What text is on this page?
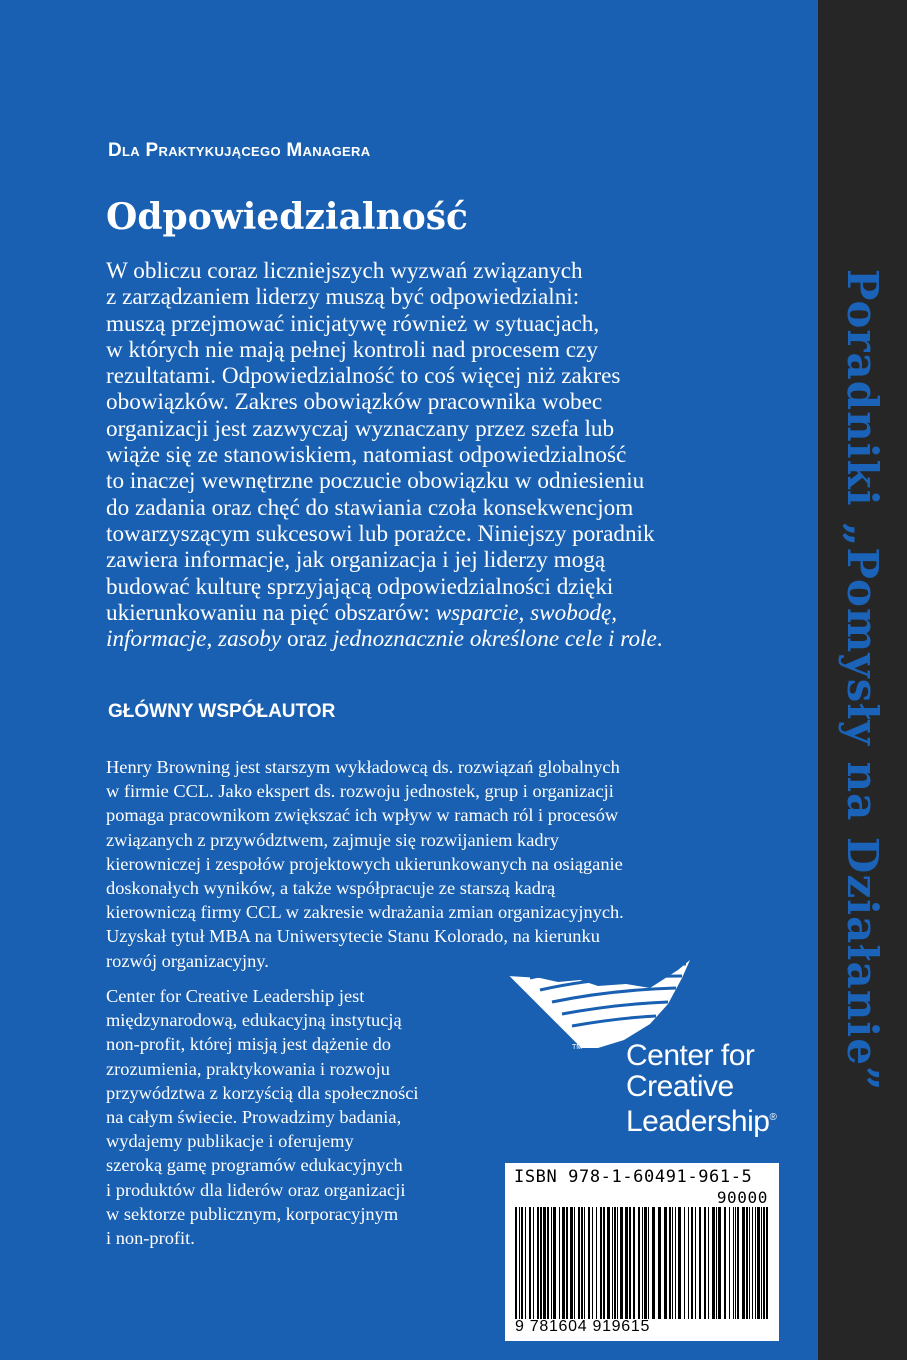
Dla Praktykującego Managera
Odpowiedzialność

W obliczu coraz liczniejszych wyzwań związanych
z zarządzaniem liderzy muszą być odpowiedzialni:
muszą przejmować inicjatywę również w sytuacjach,
w których nie mają pełnej kontroli nad procesem czy
rezultatami. Odpowiedzialność to coś więcej niż zakres
obowiązków. Zakres obowiązków pracownika wobec
organizacji jest zazwyczaj wyznaczany przez szefa lub
wiąże się ze stanowiskiem, natomiast odpowiedzialność
to inaczej wewnętrzne poczucie obowiązku w odniesieniu
do zadania oraz chęć do stawiania czoła konsekwencjom
towarzyszącym sukcesowi lub porażce. Niniejszy poradnik
zawiera informacje, jak organizacja i jej liderzy mogą
budować kulturę sprzyjającą odpowiedzialności dzięki
ukierunkowaniu na pięć obszarów: wsparcie, swobodę,
informacje, zasoby oraz jednoznacznie określone cele i role.

GŁÓWNY WSPÓŁAUTOR

Henry Browning jest starszym wykładowcą ds. rozwiązań globalnych
w firmie CCL. Jako ekspert ds. rozwoju jednostek, grup i organizacji
pomaga pracownikom zwiększać ich wpływ w ramach ról i procesów
związanych z przywództwem, zajmuje się rozwijaniem kadry
kierowniczej i zespołów projektowych ukierunkowanych na osiąganie
doskonałych wyników, a także współpracuje ze starszą kadrą
kierowniczą firmy CCL w zakresie wdrażania zmian organizacyjnych.
Uzyskał tytuł MBA na Uniwersytecie Stanu Kolorado, na kierunku
rozwój organizacyjny.

Center for Creative Leadership jest
międzynarodową, edukacyjną instytucją
non-profit, której misją jest dążenie do
zrozumienia, praktykowania i rozwoju
przywództwa z korzyścią dla społeczności
na całym świecie. Prowadzimy badania,
wydajemy publikacje i oferujemy
szeroką gamę programów edukacyjnych
i produktów dla liderów oraz organizacji
w sektorze publicznym, korporacyjnym
i non-profit.

TM Center for
Creative
Leadership®
ISBN 978-1-60491-961-5
90000
9 781604 919615
Poradniki „Pomysły na Działanie”
